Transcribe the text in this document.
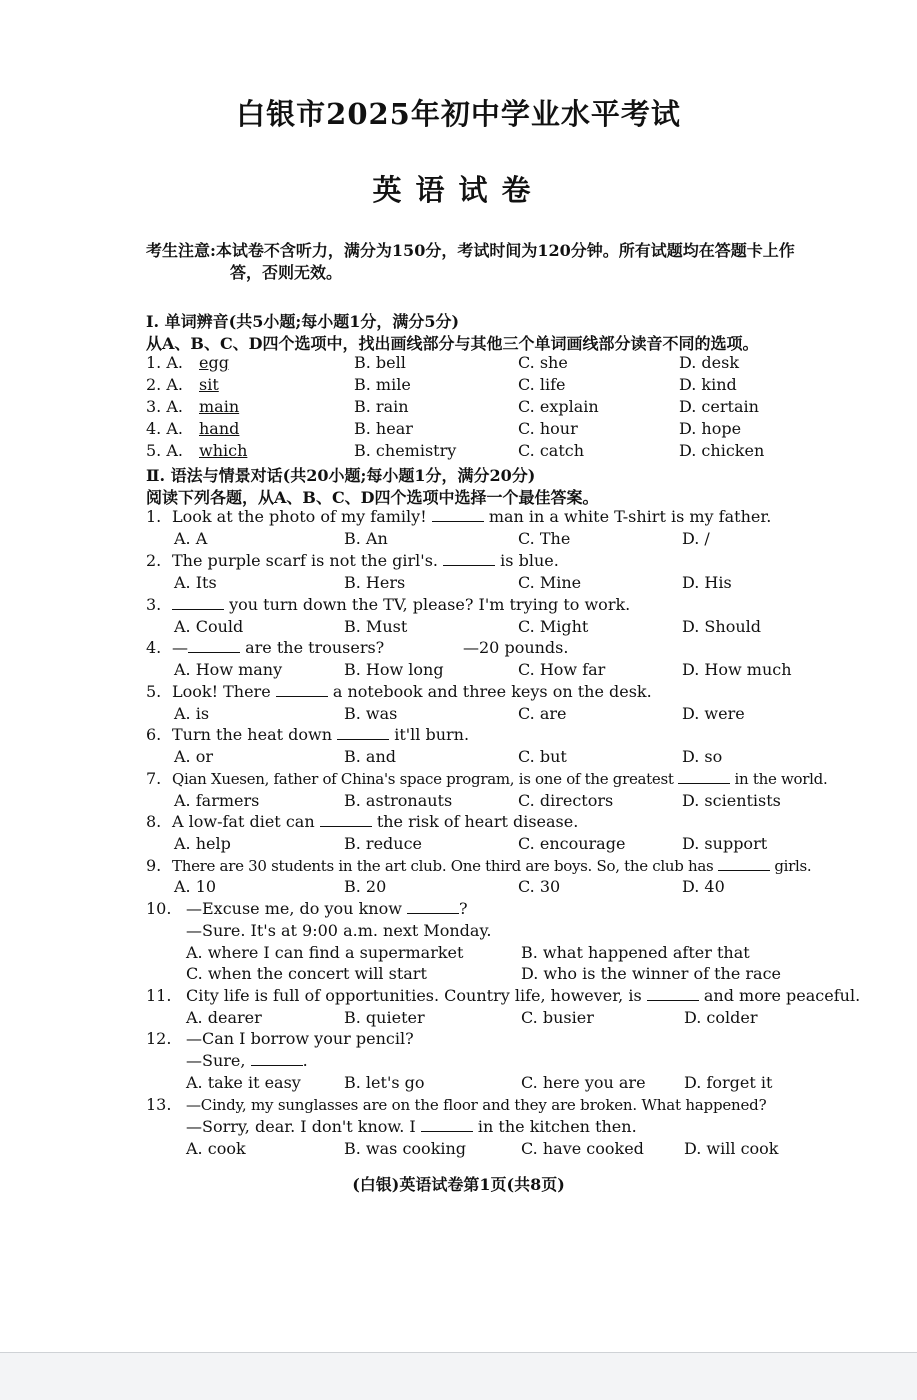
白银市2025年初中学业水平考试
英语试卷
考生注意:本试卷不含听力，满分为150分，考试时间为120分钟。所有试题均在答题卡上作
答，否则无效。
Ⅰ. 单词辨音(共5小题;每小题1分，满分5分)
从A、B、C、D四个选项中，找出画线部分与其他三个单词画线部分读音不同的选项。
1. A. egg	B. bell	C. she	D. desk
2. A. sit	B. mile	C. life	D. kind
3. A. main	B. rain	C. explain	D. certain
4. A. hand	B. hear	C. hour	D. hope
5. A. which	B. chemistry	C. catch	D. chicken
Ⅱ. 语法与情景对话(共20小题;每小题1分，满分20分)
阅读下列各题，从A、B、C、D四个选项中选择一个最佳答案。
1. Look at the photo of my family!	man in a white T-shirt is my father.
A. A	B. An	C. The	D. /
2. The purple scarf is not the girl's.	is blue.
A. Its	B. Hers	C. Mine	D. His
3.	you turn down the TV, please? I'm trying to work.
A. Could	B. Must	C. Might	D. Should
4. —	are the trousers?	—20 pounds.
A. How many	B. How long	C. How far	D. How much
5. Look! There	a notebook and three keys on the desk.
A. is	B. was	C. are	D. were
6. Turn the heat down	it'll burn.
A. or	B. and	C. but	D. so
7. Qian Xuesen, father of China's space program, is one of the greatest	in the world.
A. farmers	B. astronauts	C. directors	D. scientists
8. A low-fat diet can	the risk of heart disease.
A. help	B. reduce	C. encourage	D. support
9. There are 30 students in the art club. One third are boys. So, the club has	girls.
A. 10	B. 20	C. 30	D. 40
10. —Excuse me, do you know	?
—Sure. It's at 9:00 a.m. next Monday.
A. where I can find a supermarket	B. what happened after that
C. when the concert will start	D. who is the winner of the race
11. City life is full of opportunities. Country life, however, is	and more peaceful.
A. dearer	B. quieter	C. busier	D. colder
12. —Can I borrow your pencil?
—Sure,	.
A. take it easy	B. let's go	C. here you are D. forget it
13. —Cindy, my sunglasses are on the floor and they are broken. What happened?
—Sorry, dear. I don't know. I	in the kitchen then.
A. cook	B. was cooking	C. have cooked	D. will cook
(白银)英语试卷第1页(共8页)
